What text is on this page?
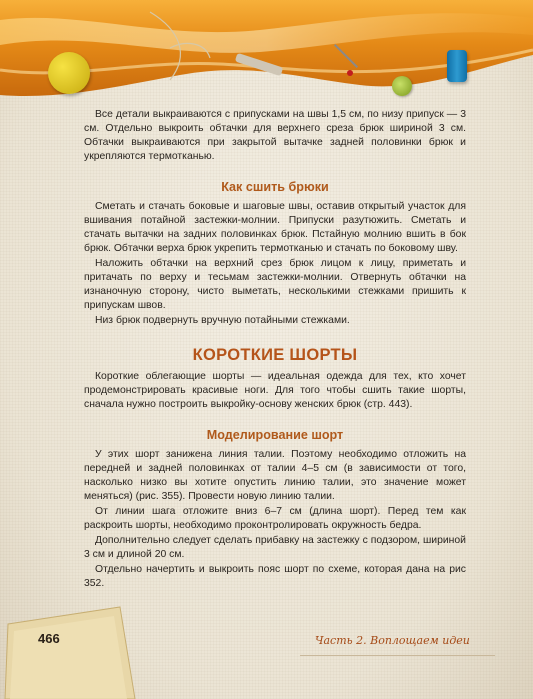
Все детали выкраиваются с припусками на швы 1,5 см, по низу припуск — 3 см. Отдельно выкроить обтачки для верхнего среза брюк шириной 3 см. Обтачки выкраиваются при закрытой вытачке задней половинки брюк и укрепляются термотканью.

Как сшить брюки

Сметать и стачать боковые и шаговые швы, оставив открытый участок для вшивания потайной застежки-молнии. Припуски разутюжить. Сметать и стачать вытачки на задних половинках брюк. Пстайную молнию вшить в бок брюк. Обтачки верха брюк укрепить термотканью и стачать по боковому шву.

Наложить обтачки на верхний срез брюк лицом к лицу, приметать и притачать по верху и тесьмам застежки-молнии. Отвернуть обтачки на изнаночную сторону, чисто выметать, несколькими стежками пришить к припускам швов.

Низ брюк подвернуть вручную потайными стежками.

КОРОТКИЕ ШОРТЫ

Короткие облегающие шорты — идеальная одежда для тех, кто хочет продемонстрировать красивые ноги. Для того чтобы сшить такие шорты, сначала нужно построить выкройку-основу женских брюк (стр. 443).

Моделирование шорт

У этих шорт занижена линия талии. Поэтому необходимо отложить на передней и задней половинках от талии 4–5 см (в зависимости от того, насколько низко вы хотите опустить линию талии, это значение может меняться) (рис. 355). Провести новую линию талии.

От линии шага отложите вниз 6–7 см (длина шорт). Перед тем как раскроить шорты, необходимо проконтролировать окружность бедра.

Дополнительно следует сделать прибавку на застежку с подзором, шириной 3 см и длиной 20 см.

Отдельно начертить и выкроить пояс шорт по схеме, которая дана на рис 352.

466	Часть 2. Воплощаем идеи
